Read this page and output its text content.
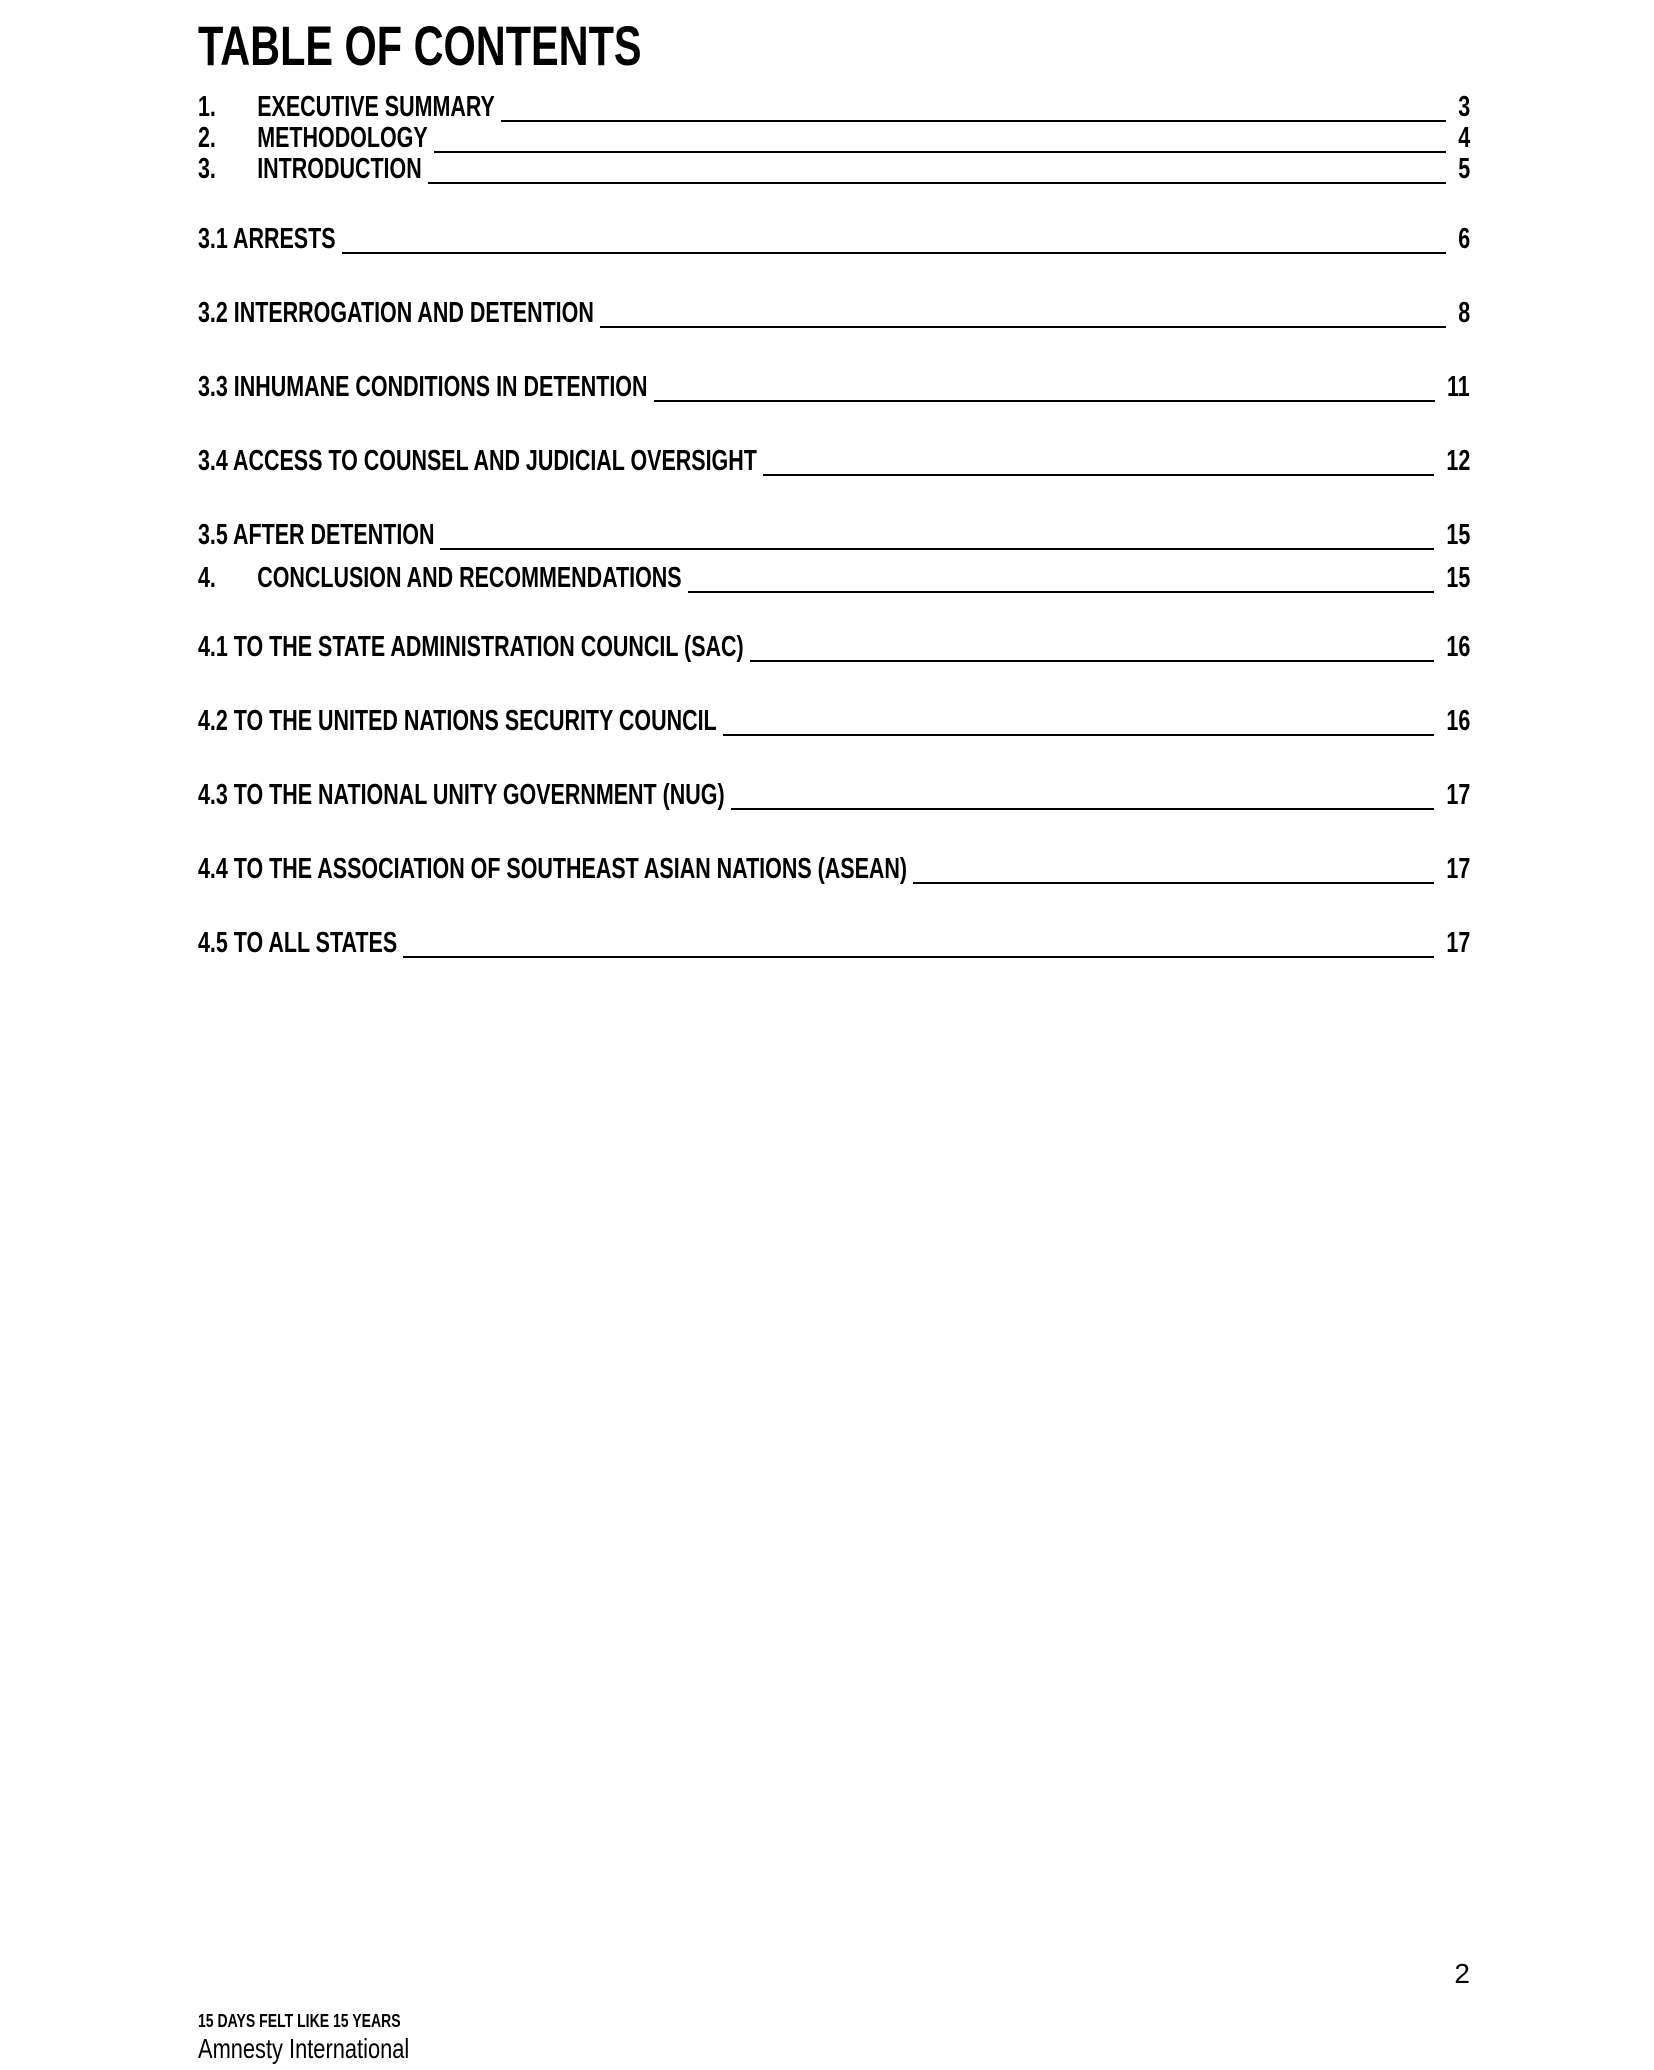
TABLE OF CONTENTS
1. EXECUTIVE SUMMARY	3
2. METHODOLOGY	4
3. INTRODUCTION	5
3.1 ARRESTS	6
3.2 INTERROGATION AND DETENTION	8
3.3 INHUMANE CONDITIONS IN DETENTION	11
3.4 ACCESS TO COUNSEL AND JUDICIAL OVERSIGHT	12
3.5 AFTER DETENTION	15
4. CONCLUSION AND RECOMMENDATIONS	15
4.1 TO THE STATE ADMINISTRATION COUNCIL (SAC)	16
4.2 TO THE UNITED NATIONS SECURITY COUNCIL	16
4.3 TO THE NATIONAL UNITY GOVERNMENT (NUG)	17
4.4 TO THE ASSOCIATION OF SOUTHEAST ASIAN NATIONS (ASEAN)	17
4.5 TO ALL STATES	17
2
15 DAYS FELT LIKE 15 YEARS
Amnesty International
